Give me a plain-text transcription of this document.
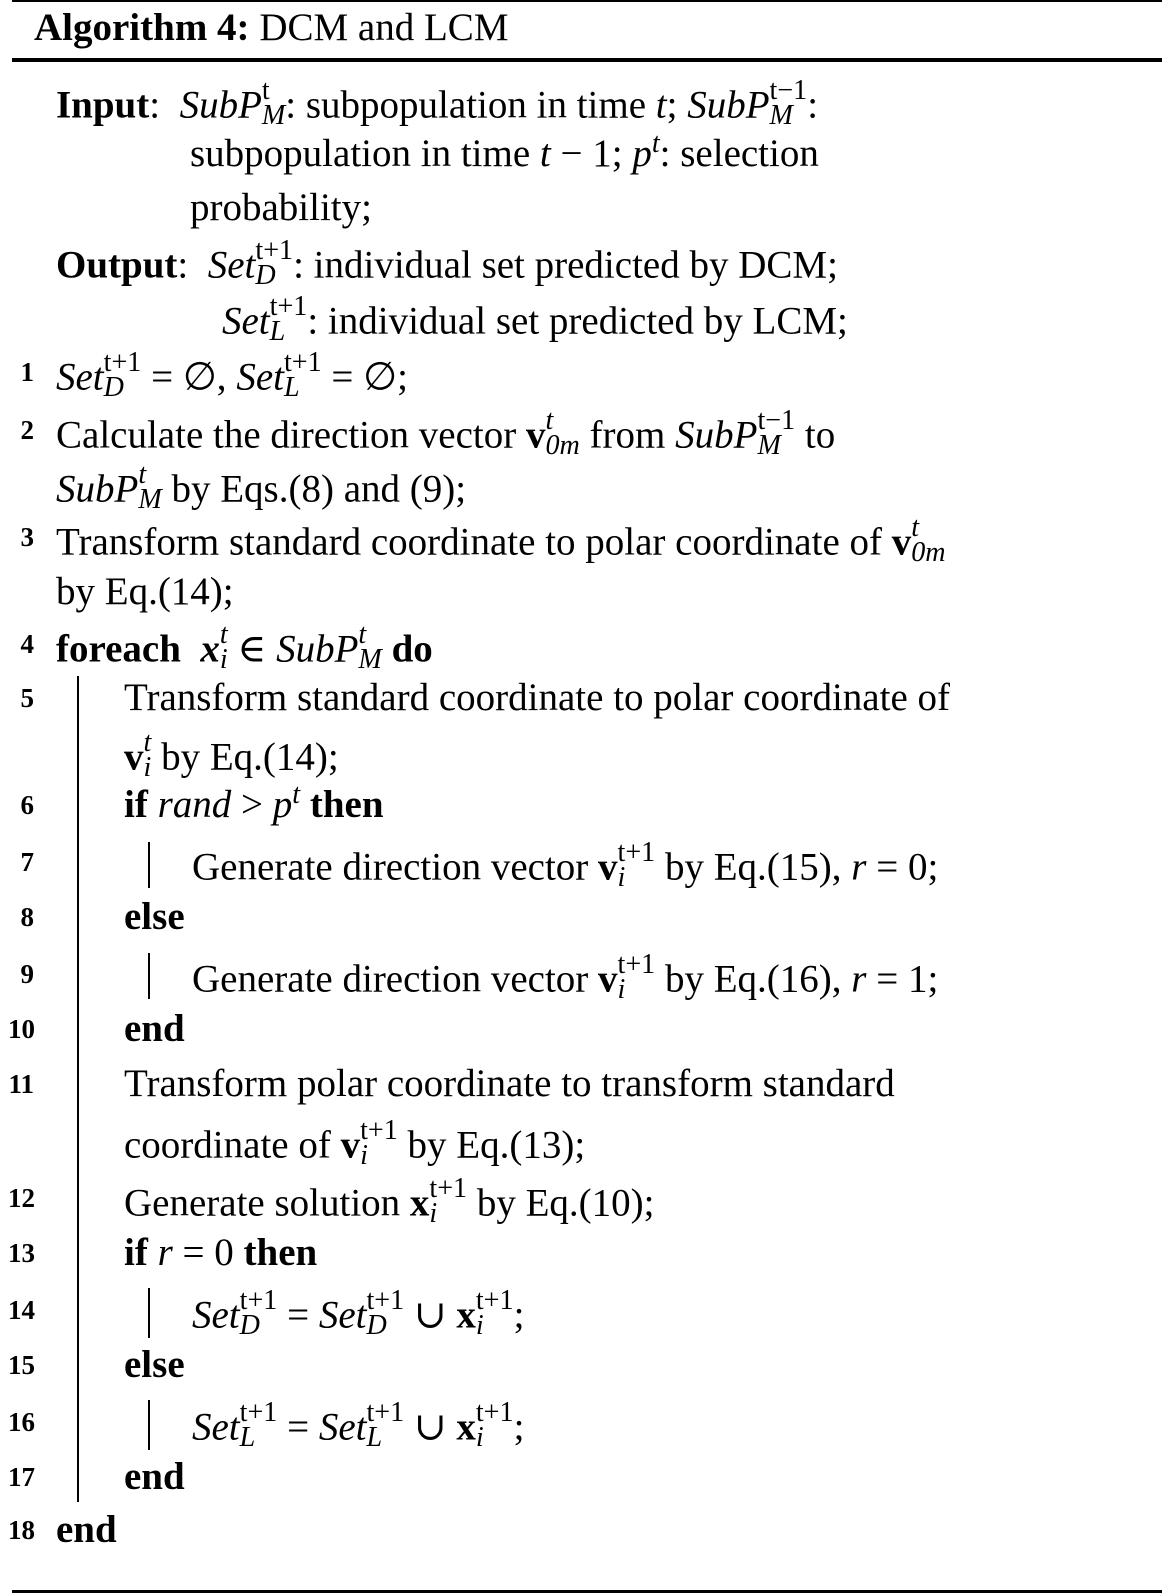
Algorithm 4: DCM and LCM
Input: SubP t
M : subpopulation in time t; SubP t−1
M :
subpopulation in time t − 1; $p^t$: selection
probability;
Output: Set t+1
D : individual set predicted by DCM;
Set t+1
L : individual set predicted by LCM;
1
2
3
4
5
6
7
8
9
10
11
12
13
14
15
16
17
18
Set t+1
D = ∅, Set t+1
L = ∅;
Calculate the direction vector v t
0m from SubP t−1
M to
SubP t
M by Eqs.(8) and (9);
Transform standard coordinate to polar coordinate of v t
0m
by Eq.(14);
foreach x t
i ∈ SubP t
M do
Transform standard coordinate to polar coordinate of
v t
i by Eq.(14);
if rand > $p^t$ then
Generate direction vector v t+1
i by Eq.(15), r = 0;
else
Generate direction vector v t+1
i by Eq.(16), r = 1;
end
Transform polar coordinate to transform standard
coordinate of v t+1
i by Eq.(13);
Generate solution x t+1
i by Eq.(10);
if r = 0 then
Set t+1
D = Set t+1
D ∪ x t+1
i ;
else
Set t+1
L = Set t+1
L ∪ x t+1
i ;
end
end
